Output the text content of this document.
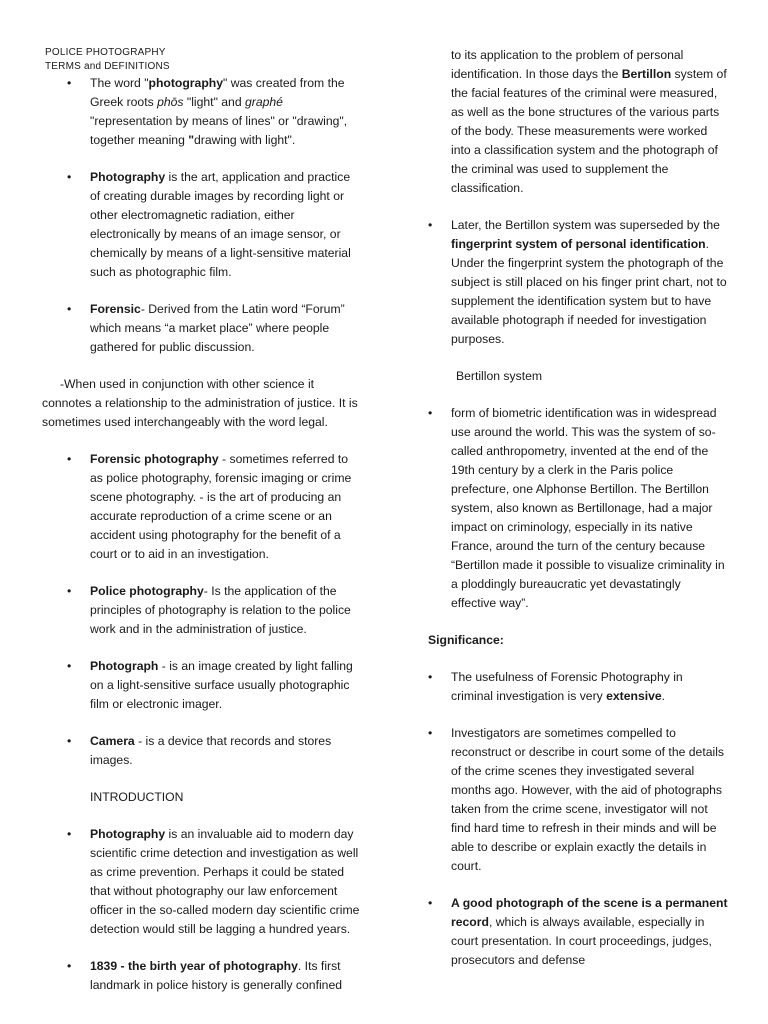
POLICE PHOTOGRAPHY

TERMS and DEFINITIONS

• The word "photography" was created from the Greek roots phōs "light" and graphé "representation by means of lines" or "drawing", together meaning "drawing with light".
• Photography is the art, application and practice of creating durable images by recording light or other electromagnetic radiation, either electronically by means of an image sensor, or chemically by means of a light-sensitive material such as photographic film.
• Forensic- Derived from the Latin word “Forum” which means “a market place” where people gathered for public discussion.

-When used in conjunction with other science it connotes a relationship to the administration of justice. It is sometimes used interchangeably with the word legal.

• Forensic photography - sometimes referred to as police photography, forensic imaging or crime scene photography. - is the art of producing an accurate reproduction of a crime scene or an accident using photography for the benefit of a court or to aid in an investigation.
• Police photography- Is the application of the principles of photography is relation to the police work and in the administration of justice.
• Photograph - is an image created by light falling on a light-sensitive surface usually photographic film or electronic imager.
• Camera - is a device that records and stores images.

INTRODUCTION

• Photography is an invaluable aid to modern day scientific crime detection and investigation as well as crime prevention. Perhaps it could be stated that without photography our law enforcement officer in the so-called modern day scientific crime detection would still be lagging a hundred years.
• 1839 - the birth year of photography. Its first landmark in police history is generally confined

to its application to the problem of personal identification. In those days the Bertillon system of the facial features of the criminal were measured, as well as the bone structures of the various parts of the body. These measurements were worked into a classification system and the photograph of the criminal was used to supplement the classification.

• Later, the Bertillon system was superseded by the fingerprint system of personal identification. Under the fingerprint system the photograph of the subject is still placed on his finger print chart, not to supplement the identification system but to have available photograph if needed for investigation purposes.

Bertillon system

• form of biometric identification was in widespread use around the world. This was the system of so-called anthropometry, invented at the end of the 19th century by a clerk in the Paris police prefecture, one Alphonse Bertillon. The Bertillon system, also known as Bertillonage, had a major impact on criminology, especially in its native France, around the turn of the century because “Bertillon made it possible to visualize criminality in a ploddingly bureaucratic yet devastatingly effective way”.

Significance:

• The usefulness of Forensic Photography in criminal investigation is very extensive.
• Investigators are sometimes compelled to reconstruct or describe in court some of the details of the crime scenes they investigated several months ago. However, with the aid of photographs taken from the crime scene, investigator will not find hard time to refresh in their minds and will be able to describe or explain exactly the details in court.
• A good photograph of the scene is a permanent record, which is always available, especially in court presentation. In court proceedings, judges, prosecutors and defense
